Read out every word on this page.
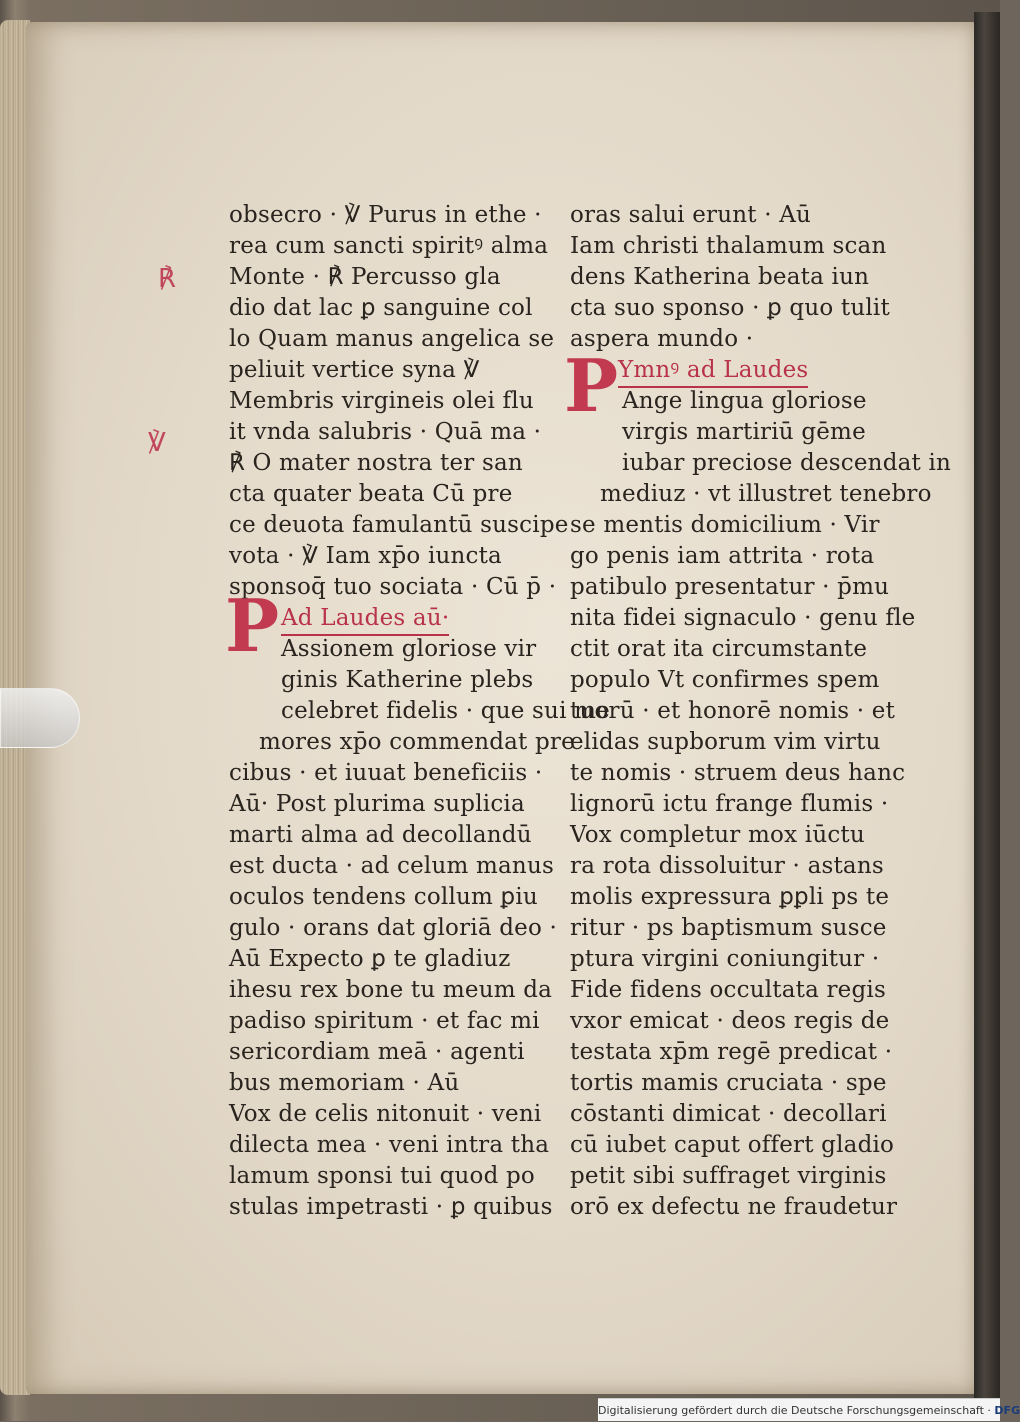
℟
℣
obsecro · ℣ Purus in ethe ·
rea cum sancti spiritꝰ alma
Monte · ℟ Percusso gla
dio dat lac ꝑ sanguine col
lo Quam manus angelica se
peliuit vertice syna ℣
Membris virgineis olei flu
it vnda salubris · Quā ma ·
℟ O mater nostra ter san
cta quater beata Cū pre
ce deuota famulantū suscipe
vota · ℣ Iam xp̄o iuncta
sponsoq̄ tuo sociata · Cū p̄ ·
Ad Laudes aū·
P Assionem gloriose vir
ginis Katherine plebs
celebret fidelis · que sui me
mores xp̄o commendat pre
cibus · et iuuat beneficiis ·
Aū· Post plurima suplicia
marti alma ad decollandū
est ducta · ad celum manus
oculos tendens collum ꝑiu
gulo · orans dat gloriā deo ·
Aū Expecto ꝑ te gladiuz
ihesu rex bone tu meum da
padiso spiritum · et fac mi
sericordiam meā · agenti
bus memoriam · Aū
Vox de celis nitonuit · veni
dilecta mea · veni intra tha
lamum sponsi tui quod po
stulas impetrasti · ꝑ quibus
oras salui erunt · Aū
Iam christi thalamum scan
dens Katherina beata iun
cta suo sponso · ꝑ quo tulit
aspera mundo ·
Ymnꝰ ad Laudes
P Ange lingua gloriose
virgis martiriū gēme
iubar preciose descendat in
mediuz · vt illustret tenebro
se mentis domicilium · Vir
go penis iam attrita · rota
patibulo presentatur · p̄mu
nita fidei signaculo · genu fle
ctit orat ita circumstante
populo Vt confirmes spem
tuorū · et honorē nomis · et
elidas supborum vim virtu
te nomis · struem deus hanc
lignorū ictu frange flumis ·
Vox completur mox iūctu
ra rota dissoluitur · astans
molis expressura ꝑꝑli ps te
ritur · ps baptismum susce
ptura virgini coniungitur ·
Fide fidens occultata regis
vxor emicat · deos regis de
testata xp̄m regē predicat ·
tortis mamis cruciata · spe
cōstanti dimicat · decollari
cū iubet caput offert gladio
petit sibi suffraget virginis
orō ex defectu ne fraudetur
Digitalisierung gefördert durch die Deutsche Forschungsgemeinschaft · DFG
